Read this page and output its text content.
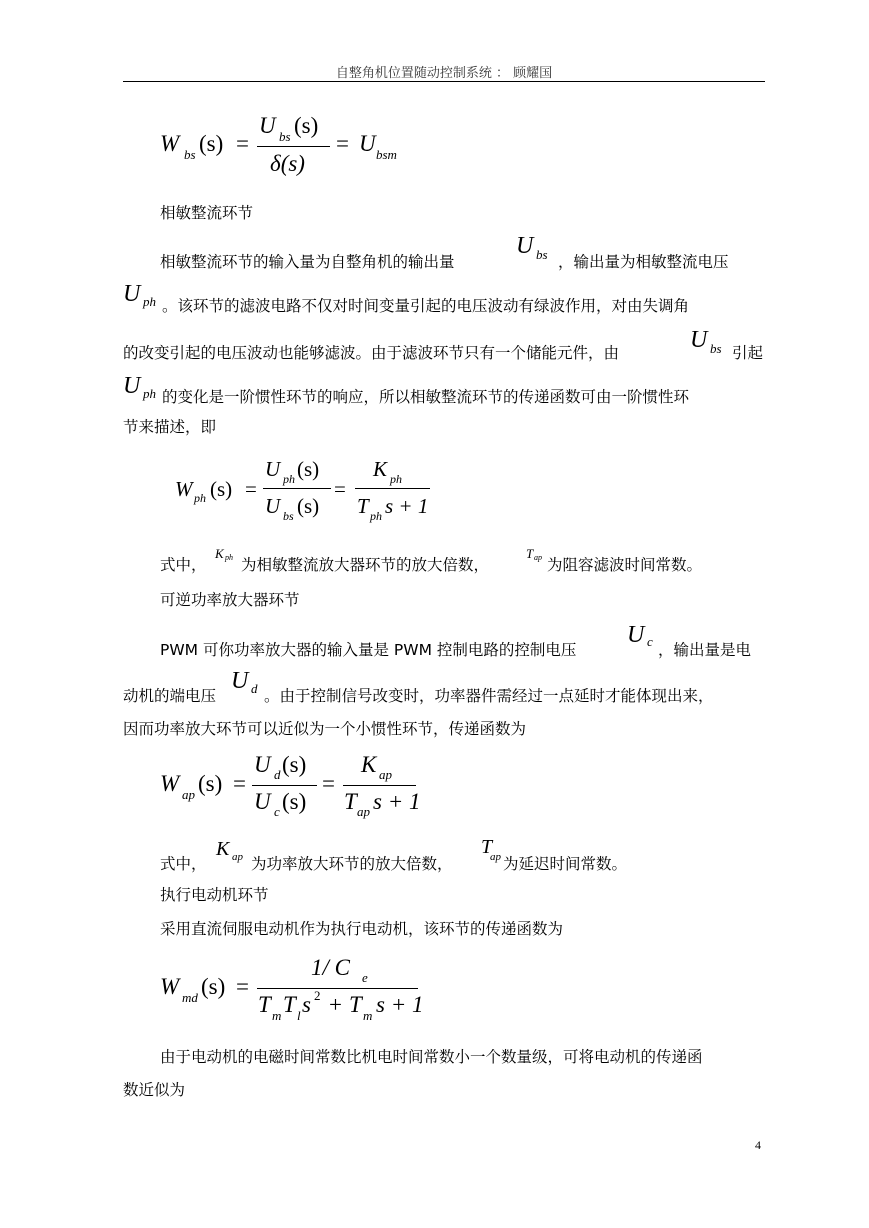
自整角机位置随动控制系统 ： 顾耀国
W bs (s) =
U bs (s)
δ(s)
= U bsm
相敏整流环节
相敏整流环节的输入量为自整角机的输出量
U bs ，输出量为相敏整流电压
U ph 。该环节的滤波电路不仅对时间变量引起的电压波动有绿波作用，对由失调角
的改变引起的电压波动也能够滤波。由于滤波环节只有一个储能元件，由	U bs 引起
U ph 的变化是一阶惯性环节的响应，所以相敏整流环节的传递函数可由一阶惯性环
节来描述，即
W ph (s) =
U ph (s)
U bs (s)
=
K ph
T ph s + 1
式中，
K ph 为相敏整流放大器环节的放大倍数，
T ap 为阻容滤波时间常数。
可逆功率放大器环节
PWM 可你功率放大器的输入量是 PWM 控制电路的控制电压
U c ，输出量是电
动机的端电压
U d 。由于控制信号改变时，功率器件需经过一点延时才能体现出来，
因而功率放大环节可以近似为一个小惯性环节，传递函数为
W ap (s) =
U d (s)
U c (s)
=
K ap
T ap s + 1
式中，
K ap 为功率放大环节的放大倍数，
T
ap 为延迟时间常数。
执行电动机环节
采用直流伺服电动机作为执行电动机，该环节的传递函数为
W md (s) =
1/ C e
T m T l s 2 + T m s + 1
由于电动机的电磁时间常数比机电时间常数小一个数量级，可将电动机的传递函
数近似为
4
